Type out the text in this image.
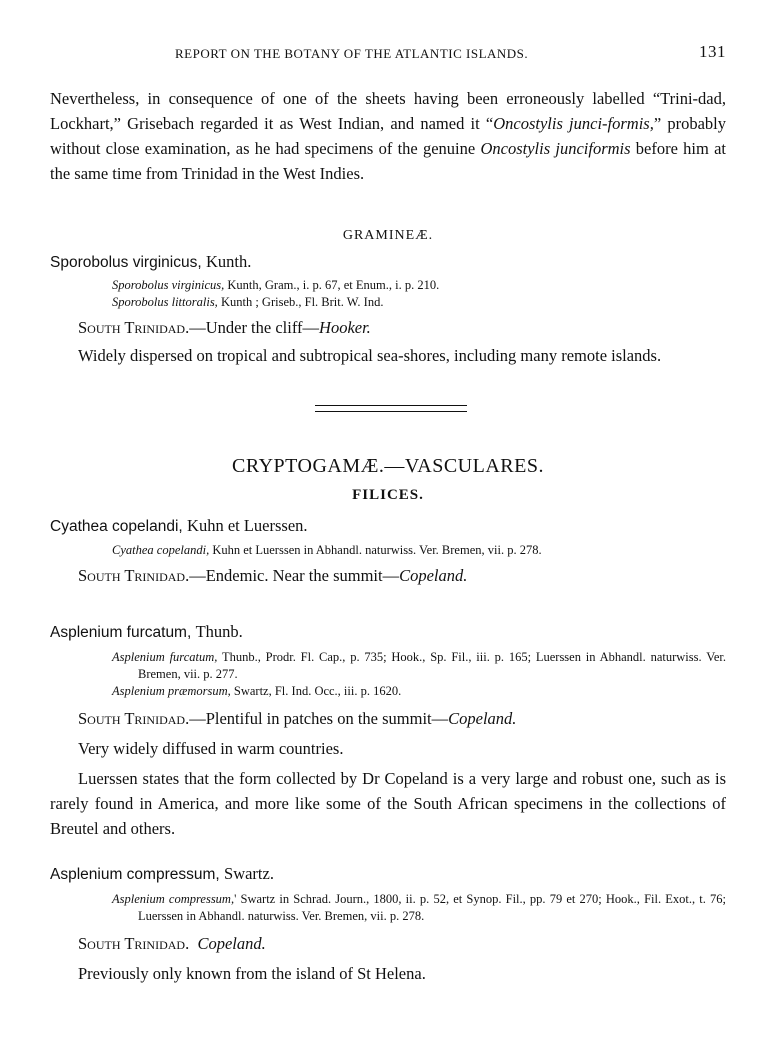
REPORT ON THE BOTANY OF THE ATLANTIC ISLANDS.	131

Nevertheless, in consequence of one of the sheets having been erroneously labelled “Trini-dad, Lockhart,” Grisebach regarded it as West Indian, and named it “Oncostylis junci-formis,” probably without close examination, as he had specimens of the genuine Oncostylis junciformis before him at the same time from Trinidad in the West Indies.

GRAMINEÆ.

Sporobolus virginicus, Kunth.

Sporobolus virginicus, Kunth, Gram., i. p. 67, et Enum., i. p. 210.

Sporobolus littoralis, Kunth ; Griseb., Fl. Brit. W. Ind.

South Trinidad.—Under the cliff—Hooker.

Widely dispersed on tropical and subtropical sea-shores, including many remote islands.

CRYPTOGAMÆ.—VASCULARES.
FILICES.

Cyathea copelandi, Kuhn et Luerssen.

Cyathea copelandi, Kuhn et Luerssen in Abhandl. naturwiss. Ver. Bremen, vii. p. 278.

South Trinidad.—Endemic. Near the summit—Copeland.

Asplenium furcatum, Thunb.

Asplenium furcatum, Thunb., Prodr. Fl. Cap., p. 735; Hook., Sp. Fil., iii. p. 165; Luerssen in Abhandl. naturwiss. Ver. Bremen, vii. p. 277.

Asplenium præmorsum, Swartz, Fl. Ind. Occ., iii. p. 1620.

South Trinidad.—Plentiful in patches on the summit—Copeland.

Very widely diffused in warm countries.

Luerssen states that the form collected by Dr Copeland is a very large and robust one, such as is rarely found in America, and more like some of the South African specimens in the collections of Breutel and others.

Asplenium compressum, Swartz.

Asplenium compressum,' Swartz in Schrad. Journ., 1800, ii. p. 52, et Synop. Fil., pp. 79 et 270; Hook., Fil. Exot., t. 76; Luerssen in Abhandl. naturwiss. Ver. Bremen, vii. p. 278.

South Trinidad. Copeland.

Previously only known from the island of St Helena.
